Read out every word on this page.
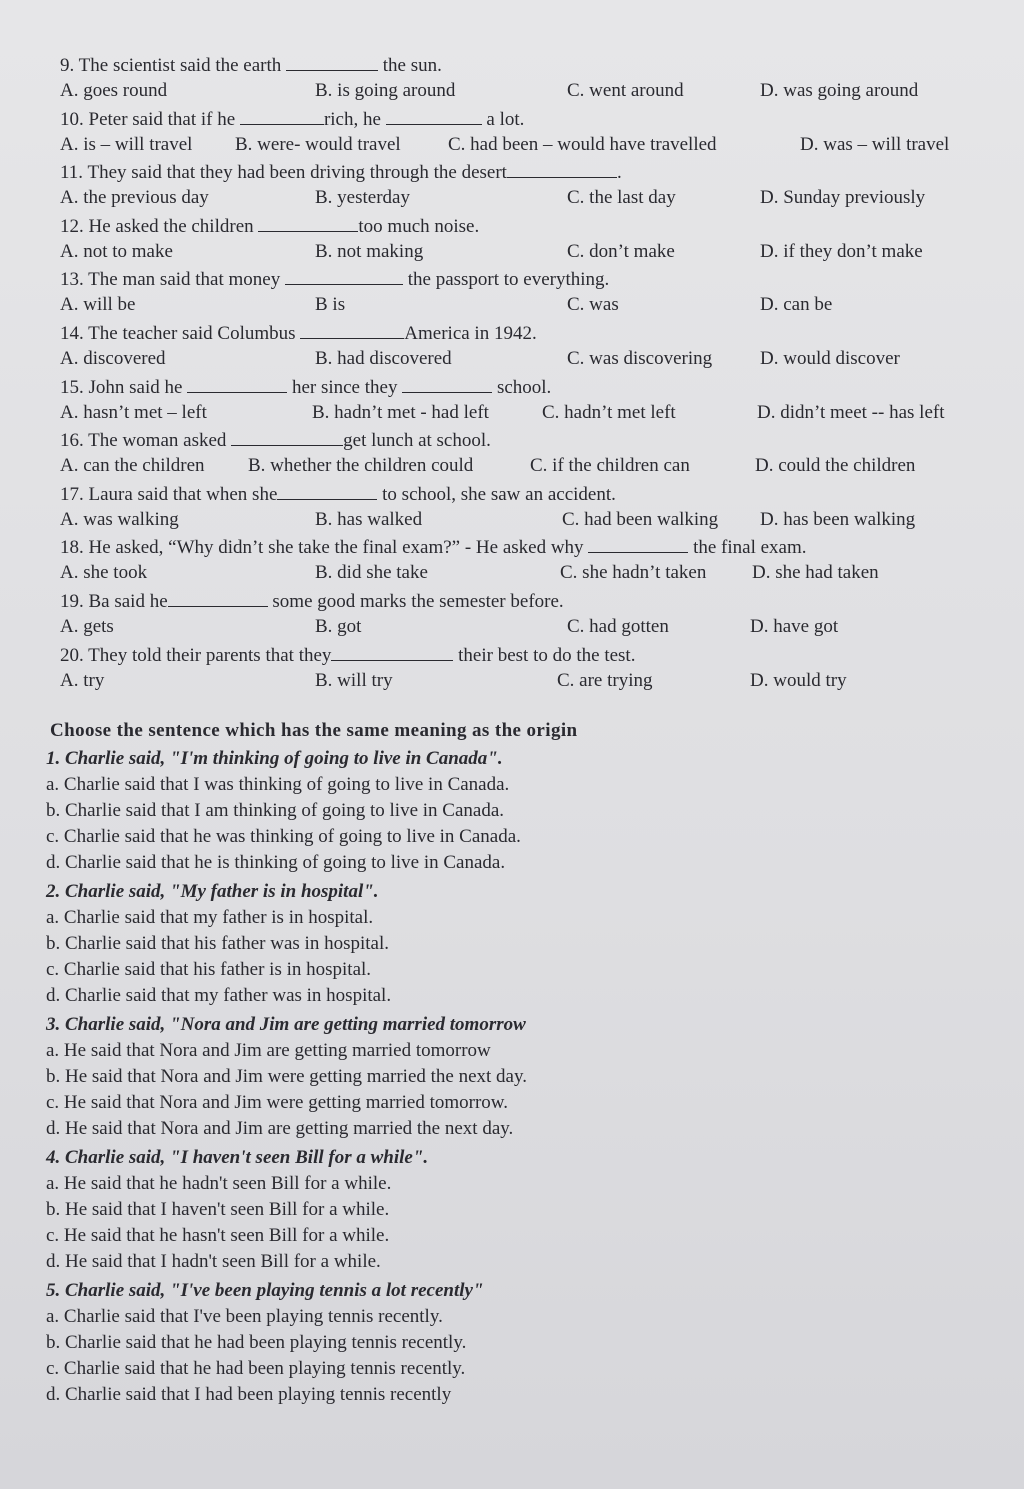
9. The scientist said the earth	the sun.
A. goes round	B. is going around	C. went around	D. was going around
10. Peter said that if he	rich, he	a lot.
A. is – will travel B. were- would travel C. had been – would have travelled	D. was – will travel
11. They said that they had been driving through the desert	.
A. the previous day	B. yesterday	C. the last day	D. Sunday previously
12. He asked the children	too much noise.
A. not to make	B. not making	C. don’t make	D. if they don’t make
13. The man said that money	the passport to everything.
A. will be	B is	C. was	D. can be
14. The teacher said Columbus	America in 1942.
A. discovered	B. had discovered	C. was discovering	D. would discover
15. John said he	her since they	school.
A. hasn’t met – left	B. hadn’t met - had left	C. hadn’t met left	D. didn’t meet -- has left
16. The woman asked	get lunch at school.
A. can the children B. whether the children could	C. if the children can	D. could the children
17. Laura said that when she	to school, she saw an accident.
A. was walking	B. has walked	C. had been walking D. has been walking
18. He asked, “Why didn’t she take the final exam?” - He asked why	the final exam.
A. she took	B. did she take	C. she hadn’t taken D. she had taken
19. Ba said he	some good marks the semester before.
A. gets	B. got	C. had gotten	D. have got
20. They told their parents that they	their best to do the test.
A. try	B. will try	C. are trying	D. would try
Choose the sentence which has the same meaning as the origin
1. Charlie said, "I'm thinking of going to live in Canada".
a. Charlie said that I was thinking of going to live in Canada.
b. Charlie said that I am thinking of going to live in Canada.
c. Charlie said that he was thinking of going to live in Canada.
d. Charlie said that he is thinking of going to live in Canada.
2. Charlie said, "My father is in hospital".
a. Charlie said that my father is in hospital.
b. Charlie said that his father was in hospital.
c. Charlie said that his father is in hospital.
d. Charlie said that my father was in hospital.
3. Charlie said, "Nora and Jim are getting married tomorrow
a. He said that Nora and Jim are getting married tomorrow
b. He said that Nora and Jim were getting married the next day.
c. He said that Nora and Jim were getting married tomorrow.
d. He said that Nora and Jim are getting married the next day.
4. Charlie said, "I haven't seen Bill for a while".
a. He said that he hadn't seen Bill for a while.
b. He said that I haven't seen Bill for a while.
c. He said that he hasn't seen Bill for a while.
d. He said that I hadn't seen Bill for a while.
5. Charlie said, "I've been playing tennis a lot recently"
a. Charlie said that I've been playing tennis recently.
b. Charlie said that he had been playing tennis recently.
c. Charlie said that he had been playing tennis recently.
d. Charlie said that I had been playing tennis recently
